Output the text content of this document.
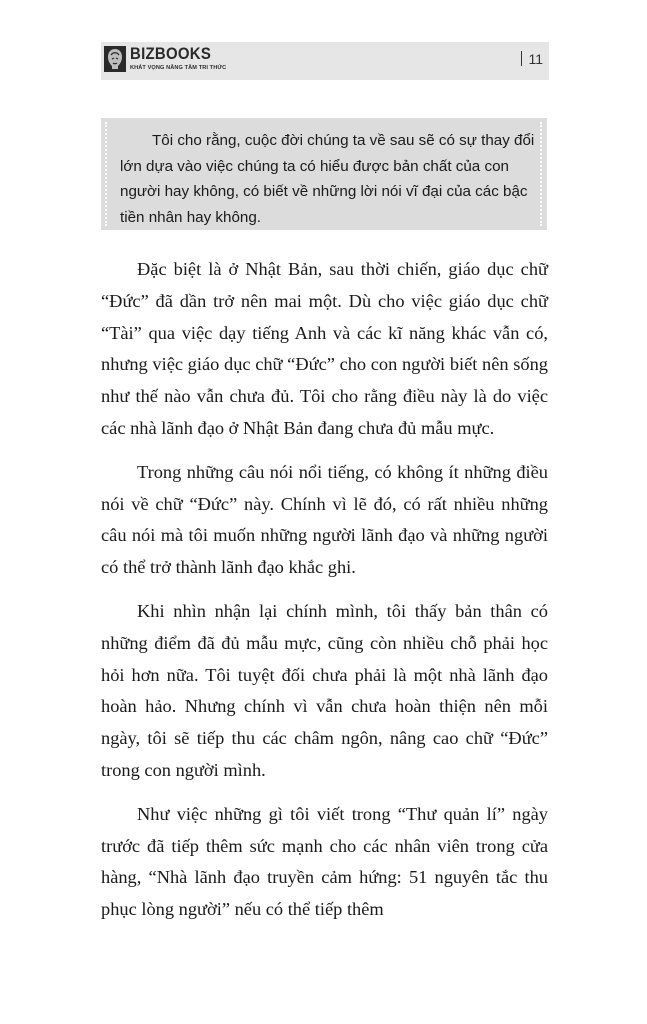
BIZBOOKS
KHÁT VỌNG NÂNG TẦM TRI THỨC
11
Tôi cho rằng, cuộc đời chúng ta về sau sẽ có sự thay đổi lớn dựa vào việc chúng ta có hiểu được bản chất của con người hay không, có biết về những lời nói vĩ đại của các bậc tiền nhân hay không.

Đặc biệt là ở Nhật Bản, sau thời chiến, giáo dục chữ “Đức” đã dần trở nên mai một. Dù cho việc giáo dục chữ “Tài” qua việc dạy tiếng Anh và các kĩ năng khác vẫn có, nhưng việc giáo dục chữ “Đức” cho con người biết nên sống như thế nào vẫn chưa đủ. Tôi cho rằng điều này là do việc các nhà lãnh đạo ở Nhật Bản đang chưa đủ mẫu mực.

Trong những câu nói nổi tiếng, có không ít những điều nói về chữ “Đức” này. Chính vì lẽ đó, có rất nhiều những câu nói mà tôi muốn những người lãnh đạo và những người có thể trở thành lãnh đạo khắc ghi.

Khi nhìn nhận lại chính mình, tôi thấy bản thân có những điểm đã đủ mẫu mực, cũng còn nhiều chỗ phải học hỏi hơn nữa. Tôi tuyệt đối chưa phải là một nhà lãnh đạo hoàn hảo. Nhưng chính vì vẫn chưa hoàn thiện nên mỗi ngày, tôi sẽ tiếp thu các châm ngôn, nâng cao chữ “Đức” trong con người mình.

Như việc những gì tôi viết trong “Thư quản lí” ngày trước đã tiếp thêm sức mạnh cho các nhân viên trong cửa hàng, “Nhà lãnh đạo truyền cảm hứng: 51 nguyên tắc thu phục lòng người” nếu có thể tiếp thêm
